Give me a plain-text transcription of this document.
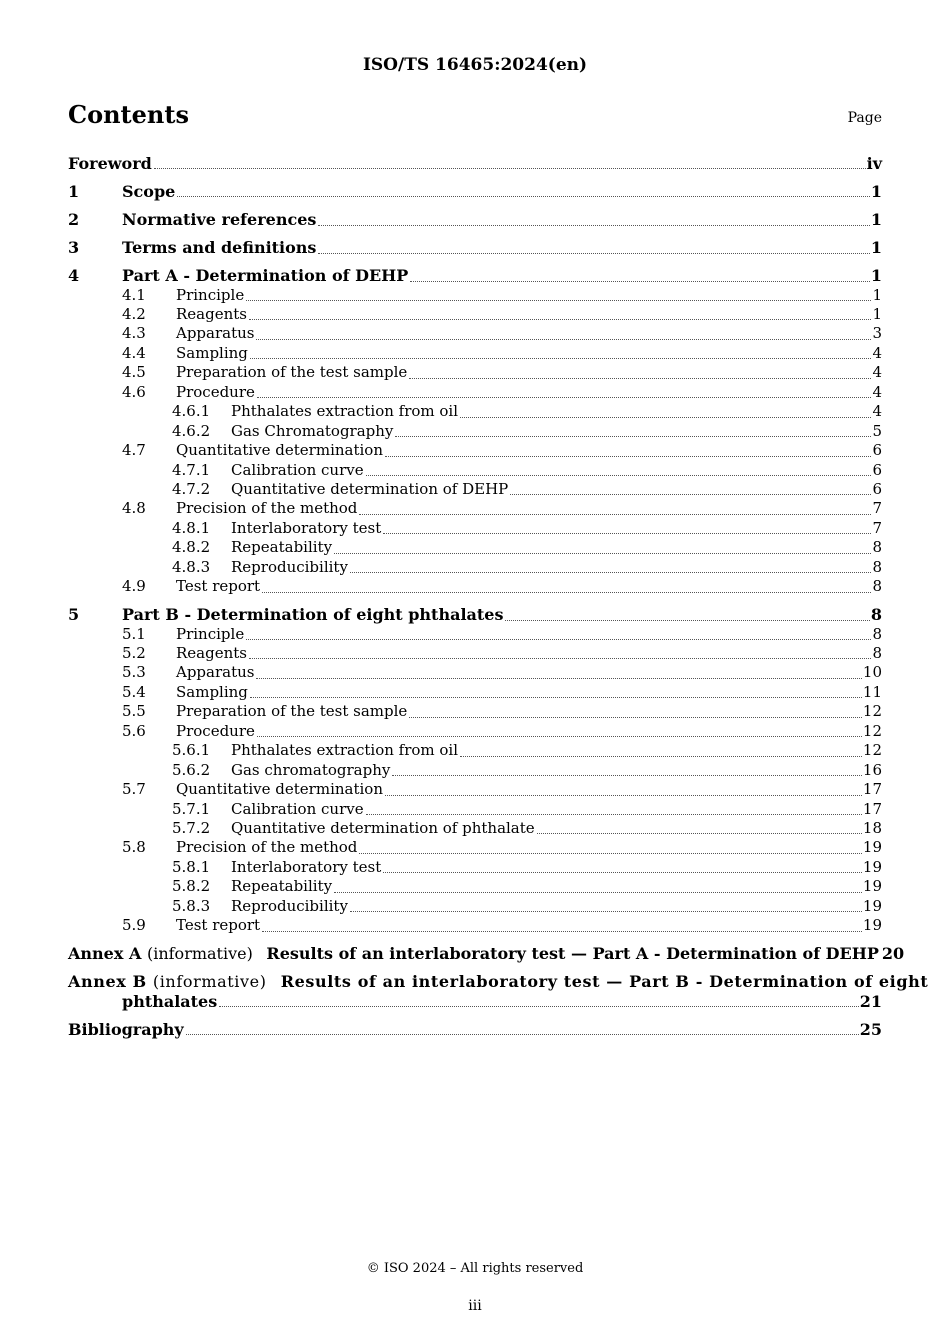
ISO/TS 16465:2024(en)
Contents	Page
Foreword	iv
1	Scope	1
2	Normative references	1
3	Terms and definitions	1
4	Part A - Determination of DEHP	1
4.1	Principle	1
4.2	Reagents	1
4.3	Apparatus	3
4.4	Sampling	4
4.5	Preparation of the test sample	4
4.6	Procedure	4
4.6.1	Phthalates extraction from oil	4
4.6.2	Gas Chromatography	5
4.7	Quantitative determination	6
4.7.1	Calibration curve	6
4.7.2	Quantitative determination of DEHP	6
4.8	Precision of the method	7
4.8.1	Interlaboratory test	7
4.8.2	Repeatability	8
4.8.3	Reproducibility	8
4.9	Test report	8
5	Part B - Determination of eight phthalates	8
5.1	Principle	8
5.2	Reagents	8
5.3	Apparatus	10
5.4	Sampling	11
5.5	Preparation of the test sample	12
5.6	Procedure	12
5.6.1	Phthalates extraction from oil	12
5.6.2	Gas chromatography	16
5.7	Quantitative determination	17
5.7.1	Calibration curve	17
5.7.2	Quantitative determination of phthalate	18
5.8	Precision of the method	19
5.8.1	Interlaboratory test	19
5.8.2	Repeatability	19
5.8.3	Reproducibility	19
5.9	Test report	19
Annex A (informative) Results of an interlaboratory test — Part A - Determination of DEHP 20
Annex B (informative) Results of an interlaboratory test — Part B - Determination of eight
phthalates	21
Bibliography	25
© ISO 2024 – All rights reserved
iii
